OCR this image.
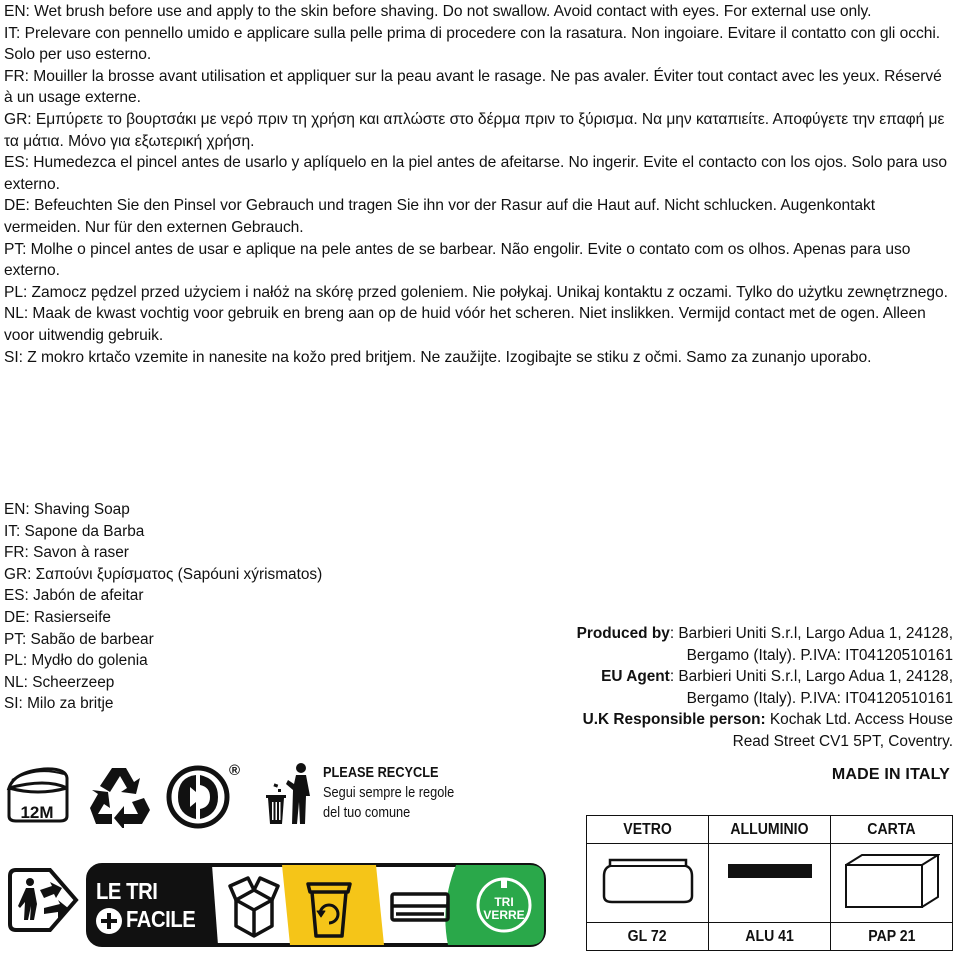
EN: Wet brush before use and apply to the skin before shaving. Do not swallow. Avoid contact with eyes. For external use only.

IT: Prelevare con pennello umido e applicare sulla pelle prima di procedere con la rasatura. Non ingoiare. Evitare il contatto con gli occhi. Solo per uso esterno.

FR: Mouiller la brosse avant utilisation et appliquer sur la peau avant le rasage. Ne pas avaler. Éviter tout contact avec les yeux. Réservé à un usage externe.

GR: Εμπύρετε το βουρτσάκι με νερό πριν τη χρήση και απλώστε στο δέρμα πριν το ξύρισμα. Να μην καταπιείτε. Αποφύγετε την επαφή με τα μάτια. Μόνο για εξωτερική χρήση.

ES: Humedezca el pincel antes de usarlo y aplíquelo en la piel antes de afeitarse. No ingerir. Evite el contacto con los ojos. Solo para uso externo.

DE: Befeuchten Sie den Pinsel vor Gebrauch und tragen Sie ihn vor der Rasur auf die Haut auf. Nicht schlucken. Augenkontakt vermeiden. Nur für den externen Gebrauch.

PT: Molhe o pincel antes de usar e aplique na pele antes de se barbear. Não engolir. Evite o contato com os olhos. Apenas para uso externo.

PL: Zamocz pędzel przed użyciem i nałóż na skórę przed goleniem. Nie połykaj. Unikaj kontaktu z oczami. Tylko do użytku zewnętrznego.

NL: Maak de kwast vochtig voor gebruik en breng aan op de huid vóór het scheren. Niet inslikken. Vermijd contact met de ogen. Alleen voor uitwendig gebruik.

SI: Z mokro krtačo vzemite in nanesite na kožo pred britjem. Ne zaužijte. Izogibajte se stiku z očmi. Samo za zunanjo uporabo.

EN: Shaving Soap

IT: Sapone da Barba

FR: Savon à raser

GR: Σαπούνι ξυρίσματος (Sapóuni xýrismatos)

ES: Jabón de afeitar

DE: Rasierseife

PT: Sabão de barbear

PL: Mydło do golenia

NL: Scheerzeep

SI: Milo za britje

Produced by: Barbieri Uniti S.r.l, Largo Adua 1, 24128,

Bergamo (Italy). P.IVA: IT04120510161

EU Agent: Barbieri Uniti S.r.l, Largo Adua 1, 24128,

Bergamo (Italy). P.IVA: IT04120510161

U.K Responsible person: Kochak Ltd. Access House

Read Street CV1 5PT, Coventry.

MADE IN ITALY
12M
®	PLEASE RECYCLE
Segui sempre le regole
del tuo comune
LE TRI
FACILE
TRI
VERRE
VETRO	ALLUMINIO	CARTA

GL 72	ALU 41	PAP 21
